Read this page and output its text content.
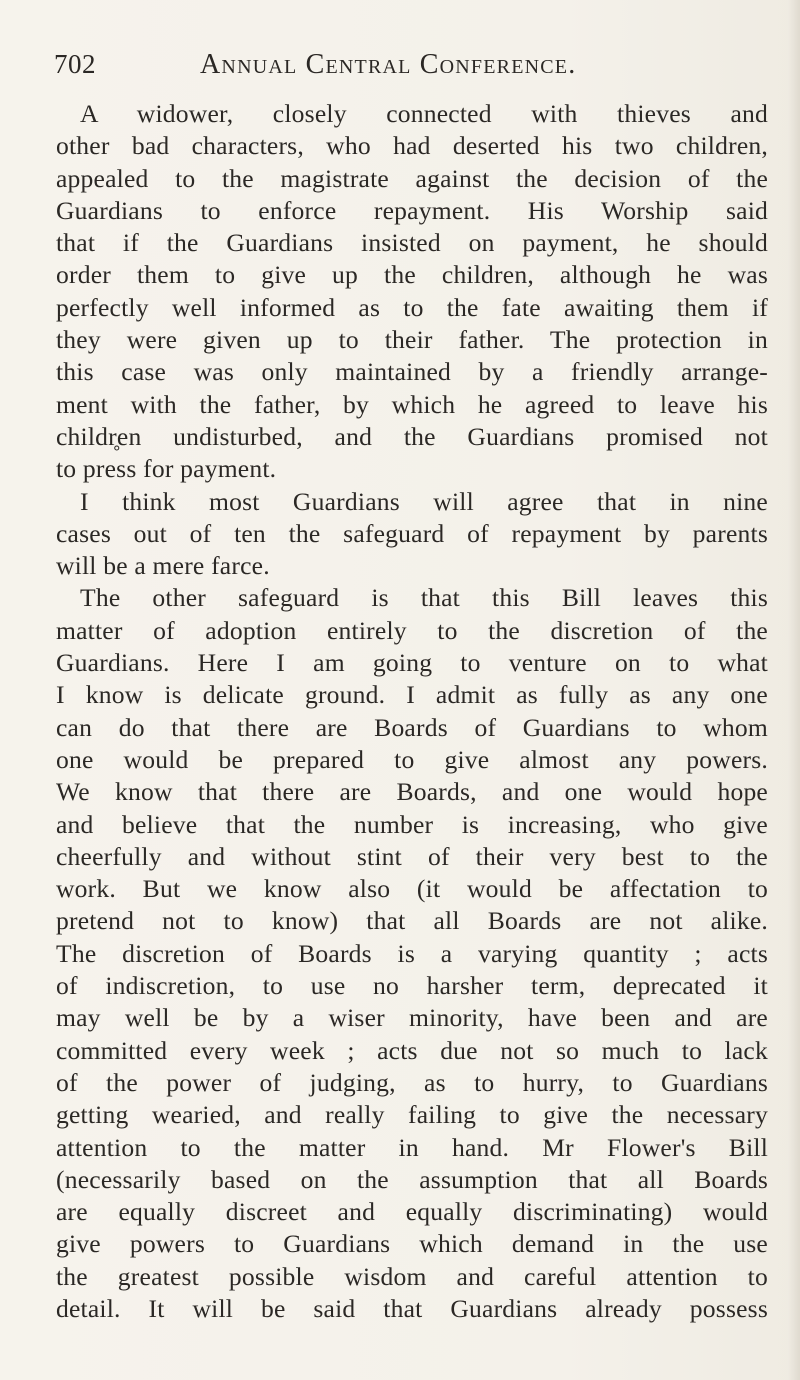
702	Annual Central Conference.
A widower, closely connected with thieves and
other bad characters, who had deserted his two children,
appealed to the magistrate against the decision of the
Guardians to enforce repayment. His Worship said
that if the Guardians insisted on payment, he should
order them to give up the children, although he was
perfectly well informed as to the fate awaiting them if
they were given up to their father. The protection in
this case was only maintained by a friendly arrange-
ment with the father, by which he agreed to leave his
childr̥en undisturbed, and the Guardians promised not
to press for payment.
I think most Guardians will agree that in nine
cases out of ten the safeguard of repayment by parents
will be a mere farce.
The other safeguard is that this Bill leaves this
matter of adoption entirely to the discretion of the
Guardians. Here I am going to venture on to what
I know is delicate ground. I admit as fully as any one
can do that there are Boards of Guardians to whom
one would be prepared to give almost any powers.
We know that there are Boards, and one would hope
and believe that the number is increasing, who give
cheerfully and without stint of their very best to the
work. But we know also (it would be affectation to
pretend not to know) that all Boards are not alike.
The discretion of Boards is a varying quantity ; acts
of indiscretion, to use no harsher term, deprecated it
may well be by a wiser minority, have been and are
committed every week ; acts due not so much to lack
of the power of judging, as to hurry, to Guardians
getting wearied, and really failing to give the necessary
attention to the matter in hand. Mr Flower's Bill
(necessarily based on the assumption that all Boards
are equally discreet and equally discriminating) would
give powers to Guardians which demand in the use
the greatest possible wisdom and careful attention to
detail. It will be said that Guardians already possess
